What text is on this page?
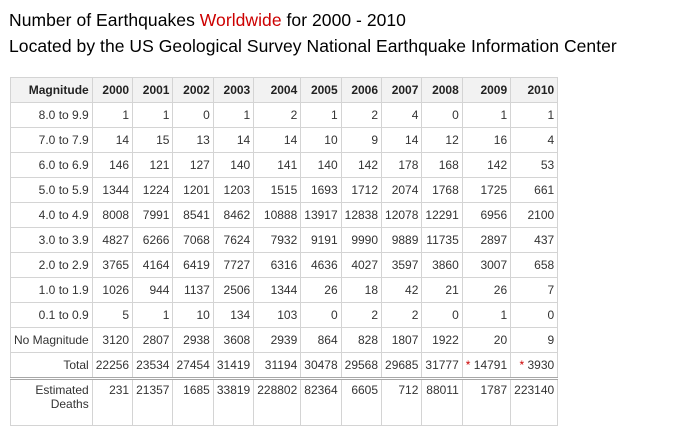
Number of Earthquakes Worldwide for 2000 - 2010
Located by the US Geological Survey National Earthquake Information Center
Magnitude	2000	2001	2002	2003	2004	2005	2006	2007	2008	2009	2010
8.0 to 9.9	1	1	0	1	2	1	2	4	0	1	1
7.0 to 7.9	14	15	13	14	14	10	9	14	12	16	4
6.0 to 6.9	146	121	127	140	141	140	142	178	168	142	53
5.0 to 5.9	1344	1224	1201	1203	1515	1693	1712	2074	1768	1725	661
4.0 to 4.9	8008	7991	8541	8462	10888	13917	12838	12078	12291	6956	2100
3.0 to 3.9	4827	6266	7068	7624	7932	9191	9990	9889	11735	2897	437
2.0 to 2.9	3765	4164	6419	7727	6316	4636	4027	3597	3860	3007	658
1.0 to 1.9	1026	944	1137	2506	1344	26	18	42	21	26	7
0.1 to 0.9	5	1	10	134	103	0	2	2	0	1	0
No Magnitude	3120	2807	2938	3608	2939	864	828	1807	1922	20	9
Total	22256	23534	27454	31419	31194	30478	29568	29685	31777	* 14791	* 3930

Estimated
Deaths	231	21357	1685	33819	228802	82364	6605	712	88011	1787	223140
